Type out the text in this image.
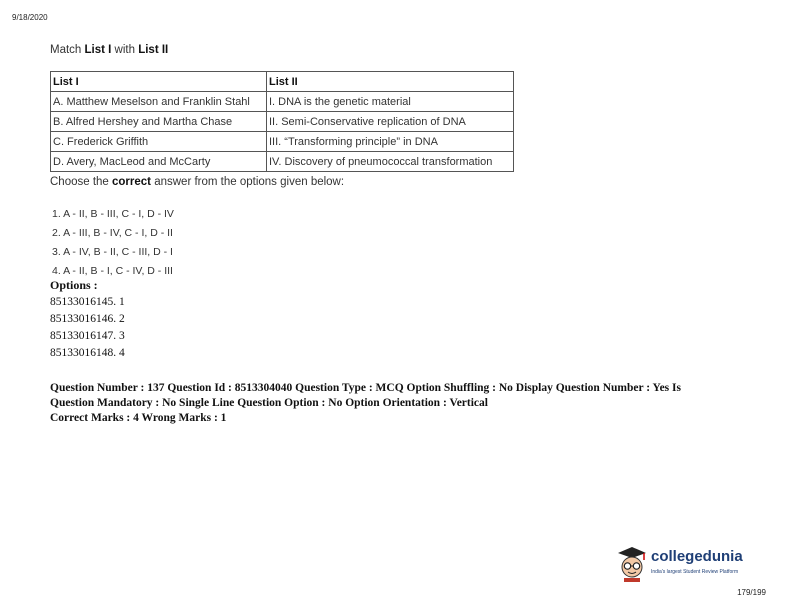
9/18/2020
Match List I with List II
List I	List II
A. Matthew Meselson and Franklin Stahl	I. DNA is the genetic material
B. Alfred Hershey and Martha Chase	II. Semi-Conservative replication of DNA
C. Frederick Griffith	III. “Transforming principle” in DNA
D. Avery, MacLeod and McCarty	IV. Discovery of pneumococcal transformation
Choose the correct answer from the options given below:
1. A - II, B - III, C - I, D - IV
2. A - III, B - IV, C - I, D - II
3. A - IV, B - II, C - III, D - I
4. A - II, B - I, C - IV, D - III
Options :
85133016145. 1
85133016146. 2
85133016147. 3
85133016148. 4
Question Number : 137 Question Id : 8513304040 Question Type : MCQ Option Shuffling : No Display Question Number : Yes Is
Question Mandatory : No Single Line Question Option : No Option Orientation : Vertical
Correct Marks : 4 Wrong Marks : 1
collegedunia
India's largest Student Review Platform
179/199
